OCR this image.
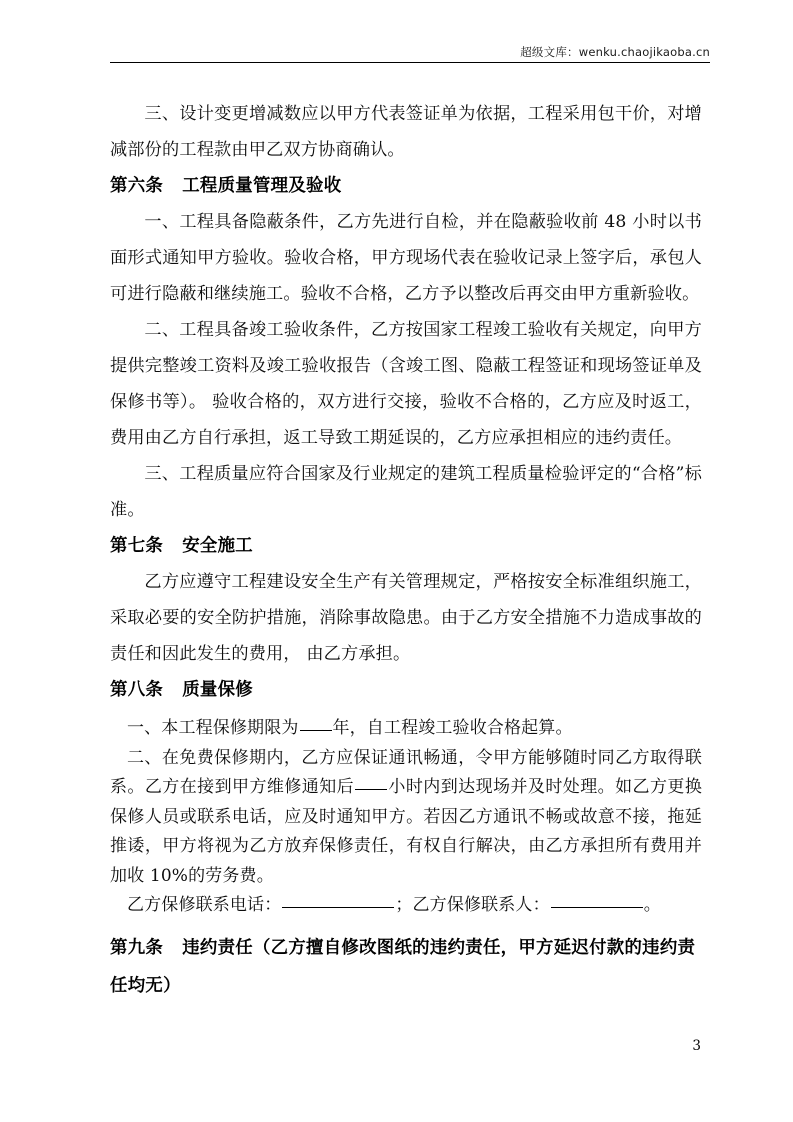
超级文库：wenku.chaojikaoba.cn

三、设计变更增减数应以甲方代表签证单为依据，工程采用包干价，对增减部份的工程款由甲乙双方协商确认。

第六条 工程质量管理及验收

一、工程具备隐蔽条件，乙方先进行自检，并在隐蔽验收前 48 小时以书面形式通知甲方验收。验收合格，甲方现场代表在验收记录上签字后，承包人可进行隐蔽和继续施工。验收不合格，乙方予以整改后再交由甲方重新验收。

二、工程具备竣工验收条件，乙方按国家工程竣工验收有关规定，向甲方提供完整竣工资料及竣工验收报告（含竣工图、隐蔽工程签证和现场签证单及保修书等）。 验收合格的，双方进行交接，验收不合格的，乙方应及时返工，费用由乙方自行承担，返工导致工期延误的，乙方应承担相应的违约责任。

三、工程质量应符合国家及行业规定的建筑工程质量检验评定的“合格”标准。

第七条 安全施工

乙方应遵守工程建设安全生产有关管理规定，严格按安全标准组织施工，采取必要的安全防护措施，消除事故隐患。由于乙方安全措施不力造成事故的责任和因此发生的费用， 由乙方承担。

第八条 质量保修

一、本工程保修期限为 年，自工程竣工验收合格起算。

二、在免费保修期内，乙方应保证通讯畅通，令甲方能够随时同乙方取得联系。乙方在接到甲方维修通知后 小时内到达现场并及时处理。如乙方更换保修人员或联系电话，应及时通知甲方。若因乙方通讯不畅或故意不接，拖延推诿，甲方将视为乙方放弃保修责任，有权自行解决，由乙方承担所有费用并加收 10%的劳务费。

乙方保修联系电话：	；乙方保修联系人：	。

第九条 违约责任（乙方擅自修改图纸的违约责任，甲方延迟付款的违约责任均无）

3
